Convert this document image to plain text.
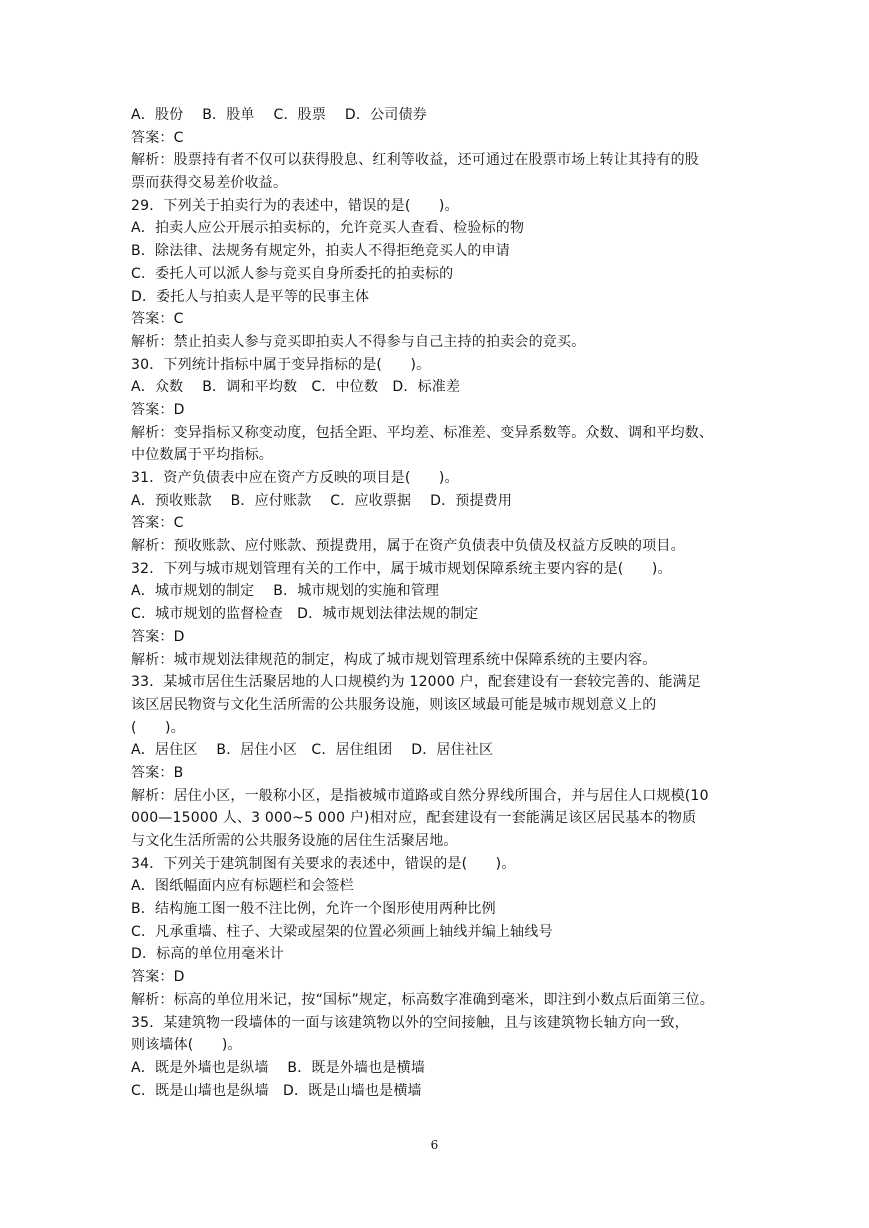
A．股份　 B．股单　 C．股票　 D．公司债券
答案：C
解析：股票持有者不仅可以获得股息、红利等收益，还可通过在股票市场上转让其持有的股
票而获得交易差价收益。
29．下列关于拍卖行为的表述中，错误的是(　　)。
A．拍卖人应公开展示拍卖标的，允许竞买人查看、检验标的物
B．除法律、法规务有规定外，拍卖人不得拒绝竞买人的申请
C．委托人可以派人参与竞买自身所委托的拍卖标的
D．委托人与拍卖人是平等的民事主体
答案：C
解析：禁止拍卖人参与竞买即拍卖人不得参与自己主持的拍卖会的竞买。
30．下列统计指标中属于变异指标的是(　　)。
A．众数　 B．调和平均数　C．中位数　D．标准差
答案：D
解析：变异指标又称变动度，包括全距、平均差、标准差、变异系数等。众数、调和平均数、
中位数属于平均指标。
31．资产负债表中应在资产方反映的项目是(　　)。
A．预收账款　 B．应付账款　 C．应收票据　 D．预提费用
答案：C
解析：预收账款、应付账款、预提费用，属于在资产负债表中负债及权益方反映的项目。
32．下列与城市规划管理有关的工作中，属于城市规划保障系统主要内容的是(　　)。
A．城市规划的制定　 B．城市规划的实施和管理
C．城市规划的监督检查　D．城市规划法律法规的制定
答案：D
解析：城市规划法律规范的制定，构成了城市规划管理系统中保障系统的主要内容。
33．某城市居住生活聚居地的人口规模约为 12000 户，配套建设有一套较完善的、能满足
该区居民物资与文化生活所需的公共服务设施，则该区域最可能是城市规划意义上的
(　　)。
A．居住区　 B．居住小区　C．居住组团　 D．居住社区
答案：B
解析：居住小区，一般称小区，是指被城市道路或自然分界线所围合，并与居住人口规模(10
000—15000 人、3 000~5 000 户)相对应，配套建设有一套能满足该区居民基本的物质
与文化生活所需的公共服务设施的居住生活聚居地。
34．下列关于建筑制图有关要求的表述中，错误的是(　　)。
A．图纸幅面内应有标题栏和会签栏
B．结构施工图一般不注比例，允许一个图形使用两种比例
C．凡承重墙、柱子、大梁或屋架的位置必须画上轴线并编上轴线号
D．标高的单位用毫米计
答案：D
解析：标高的单位用米记，按“国标”规定，标高数字准确到毫米，即注到小数点后面第三位。
35．某建筑物一段墙体的一面与该建筑物以外的空间接触，且与该建筑物长轴方向一致，
则该墙体(　　)。
A．既是外墙也是纵墙　 B．既是外墙也是横墙
C．既是山墙也是纵墙　D．既是山墙也是横墙
6
